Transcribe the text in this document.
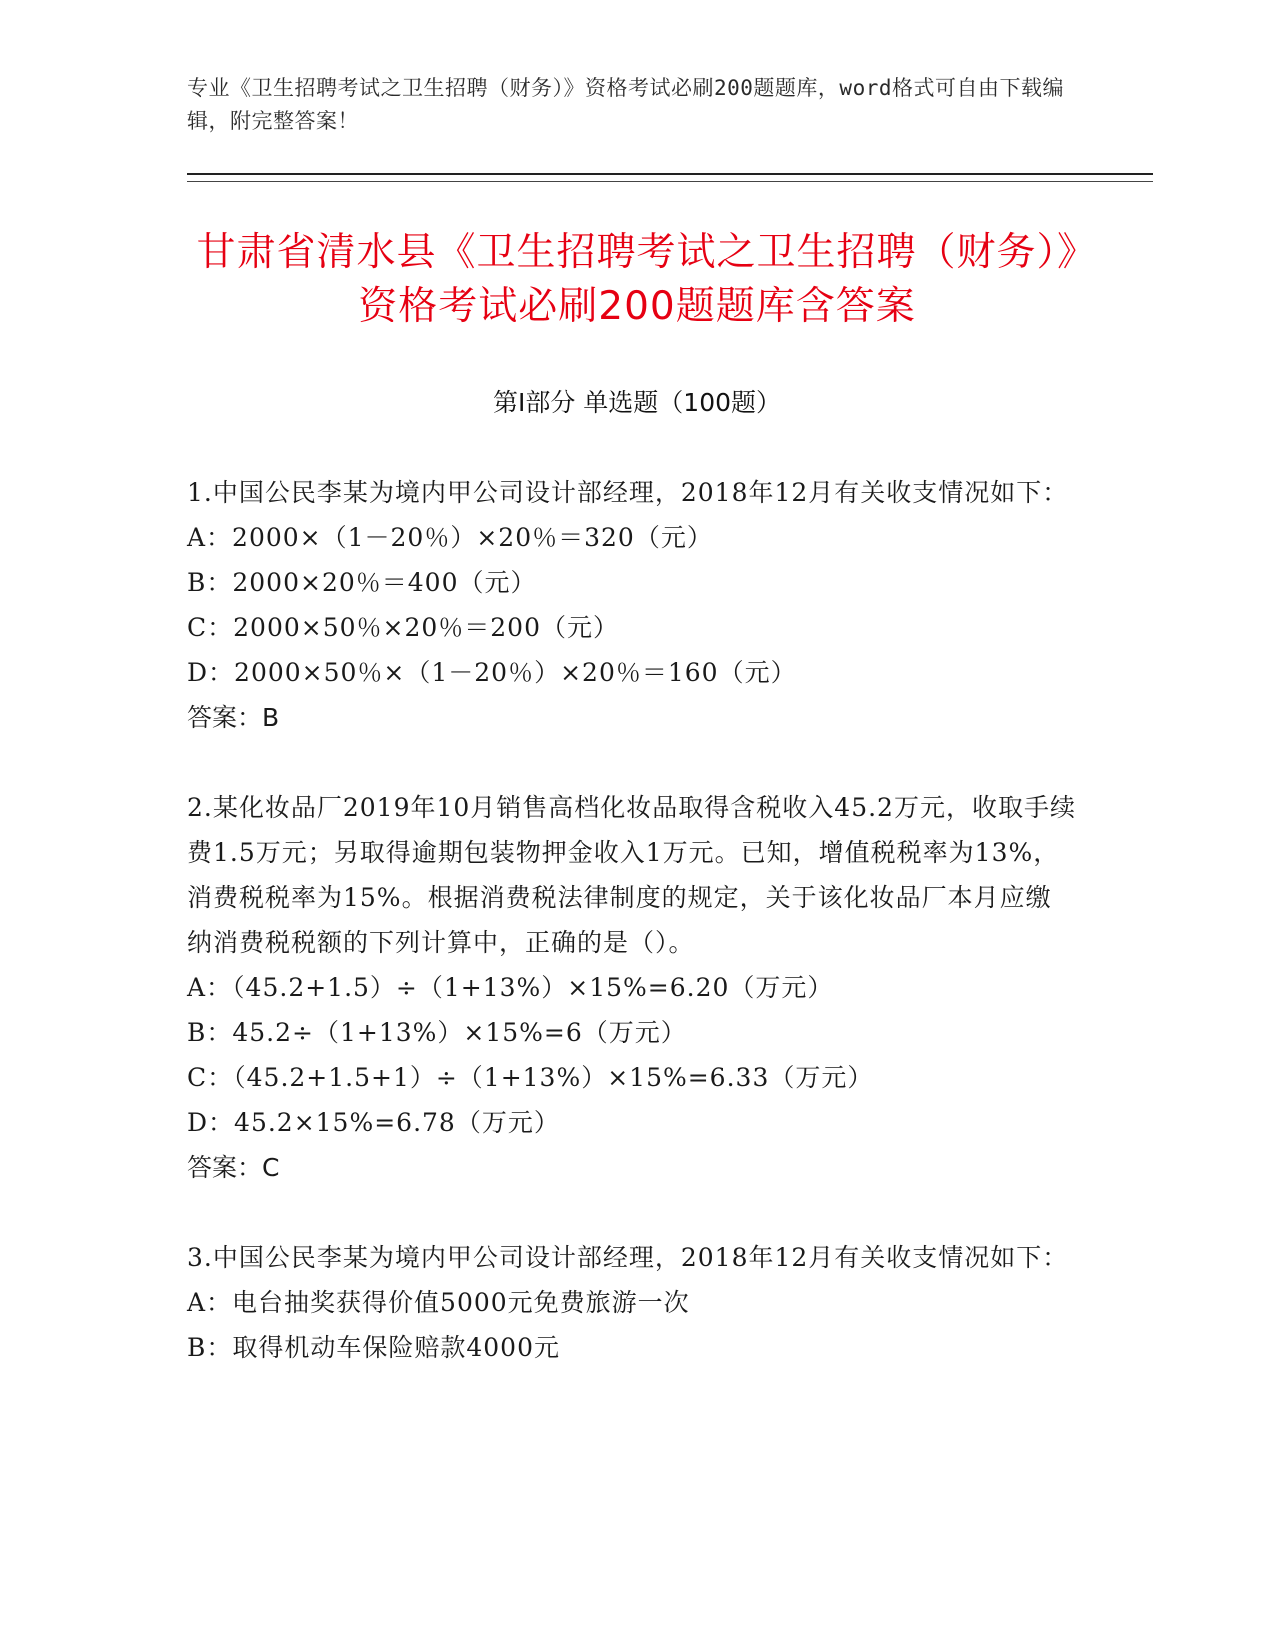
专业《卫生招聘考试之卫生招聘（财务）》资格考试必刷200题题库，word格式可自由下载编辑，附完整答案！
甘肃省清水县《卫生招聘考试之卫生招聘（财务）》资格考试必刷200题题库含答案
第I部分 单选题（100题）

1.中国公民李某为境内甲公司设计部经理，2018年12月有关收支情况如下：

A：2000×（1－20％）×20％＝320（元）

B：2000×20％＝400（元）

C：2000×50％×20％＝200（元）

D：2000×50％×（1－20％）×20％＝160（元）

答案：B

2.某化妆品厂2019年10月销售高档化妆品取得含税收入45.2万元，收取手续费1.5万元；另取得逾期包装物押金收入1万元。已知，增值税税率为13%，消费税税率为15%。根据消费税法律制度的规定，关于该化妆品厂本月应缴纳消费税税额的下列计算中，正确的是（）。

A：（45.2+1.5）÷（1+13%）×15%=6.20（万元）

B：45.2÷（1+13%）×15%=6（万元）

C：（45.2+1.5+1）÷（1+13%）×15%=6.33（万元）

D：45.2×15%=6.78（万元）

答案：C

3.中国公民李某为境内甲公司设计部经理，2018年12月有关收支情况如下：

A：电台抽奖获得价值5000元免费旅游一次

B：取得机动车保险赔款4000元
